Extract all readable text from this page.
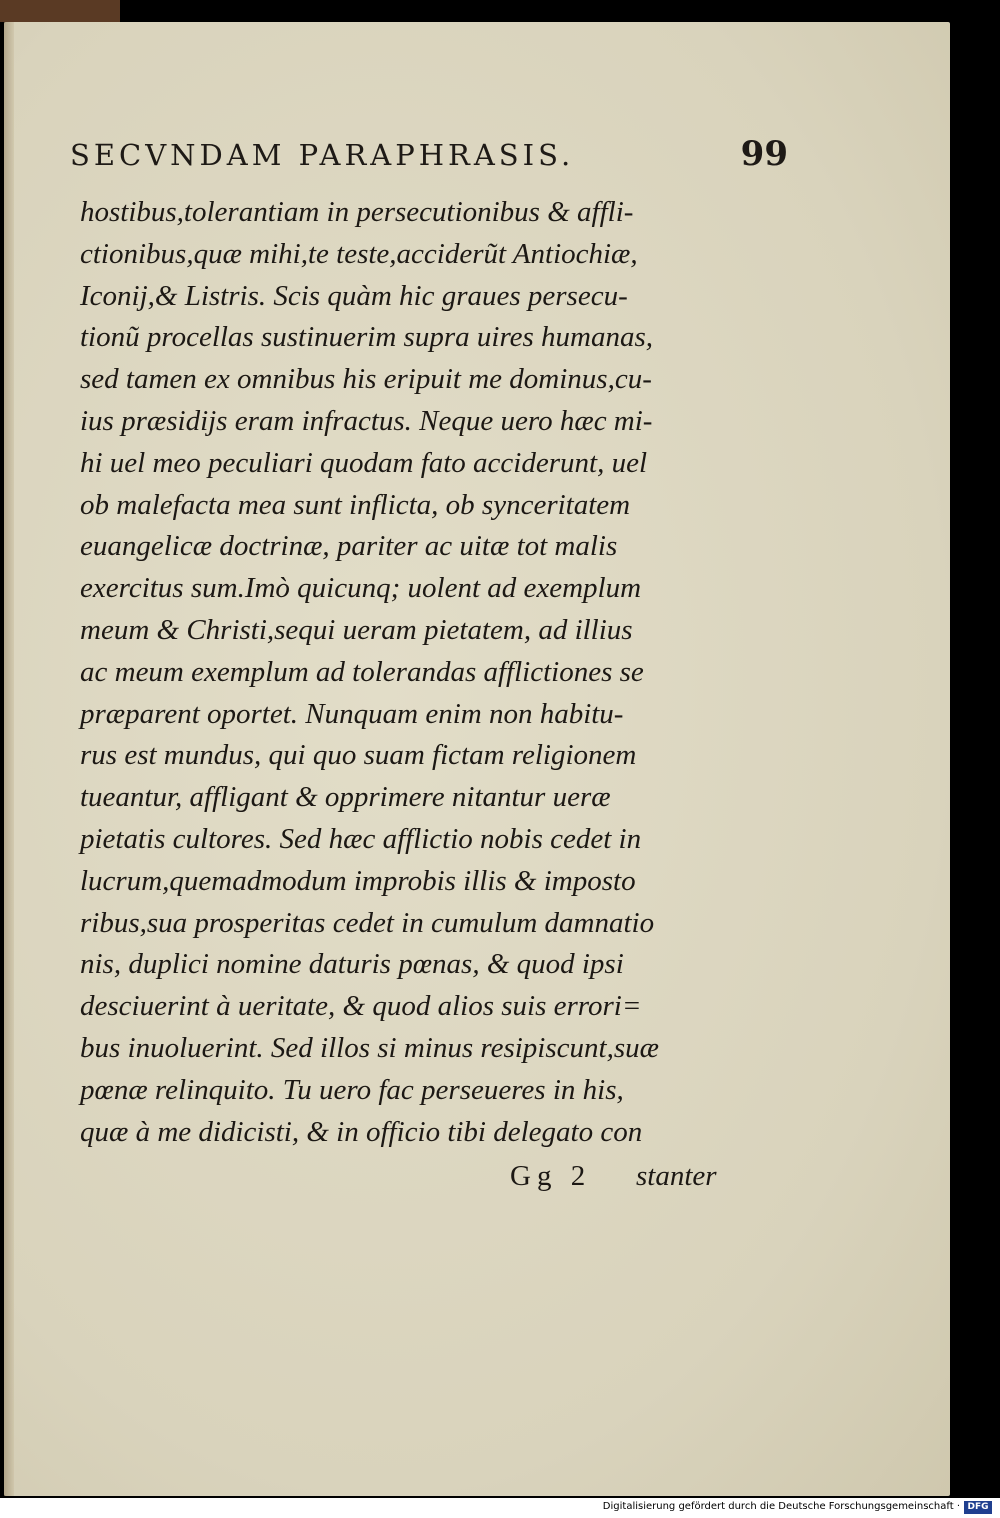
SECVNDAM PARAPHRASIS.	99
hostibus,tolerantiam in persecutionibus & affli-
ctionibus,quæ mihi,te teste,acciderũt Antiochiæ,
Iconij,& Listris. Scis quàm hic graues persecu-
tionũ procellas sustinuerim supra uires humanas,
sed tamen ex omnibus his eripuit me dominus,cu-
ius præsidijs eram infractus. Neque uero hæc mi-
hi uel meo peculiari quodam fato acciderunt, uel
ob malefacta mea sunt inflicta, ob synceritatem
euangelicæ doctrinæ, pariter ac uitæ tot malis
exercitus sum.Imò quicunq; uolent ad exemplum
meum & Christi,sequi ueram pietatem, ad illius
ac meum exemplum ad tolerandas afflictiones se
præparent oportet. Nunquam enim non habitu-
rus est mundus, qui quo suam fictam religionem
tueantur, affligant & opprimere nitantur ueræ
pietatis cultores. Sed hæc afflictio nobis cedet in
lucrum,quemadmodum improbis illis & imposto
ribus,sua prosperitas cedet in cumulum damnatio
nis, duplici nomine daturis pœnas, & quod ipsi
desciuerint à ueritate, & quod alios suis errori=
bus inuoluerint. Sed illos si minus resipiscunt,suæ
pœnæ relinquito. Tu uero fac perseueres in his,
quæ à me didicisti, & in officio tibi delegato con
Gg 2 stanter
Digitalisierung gefördert durch die Deutsche Forschungsgemeinschaft · DFG
